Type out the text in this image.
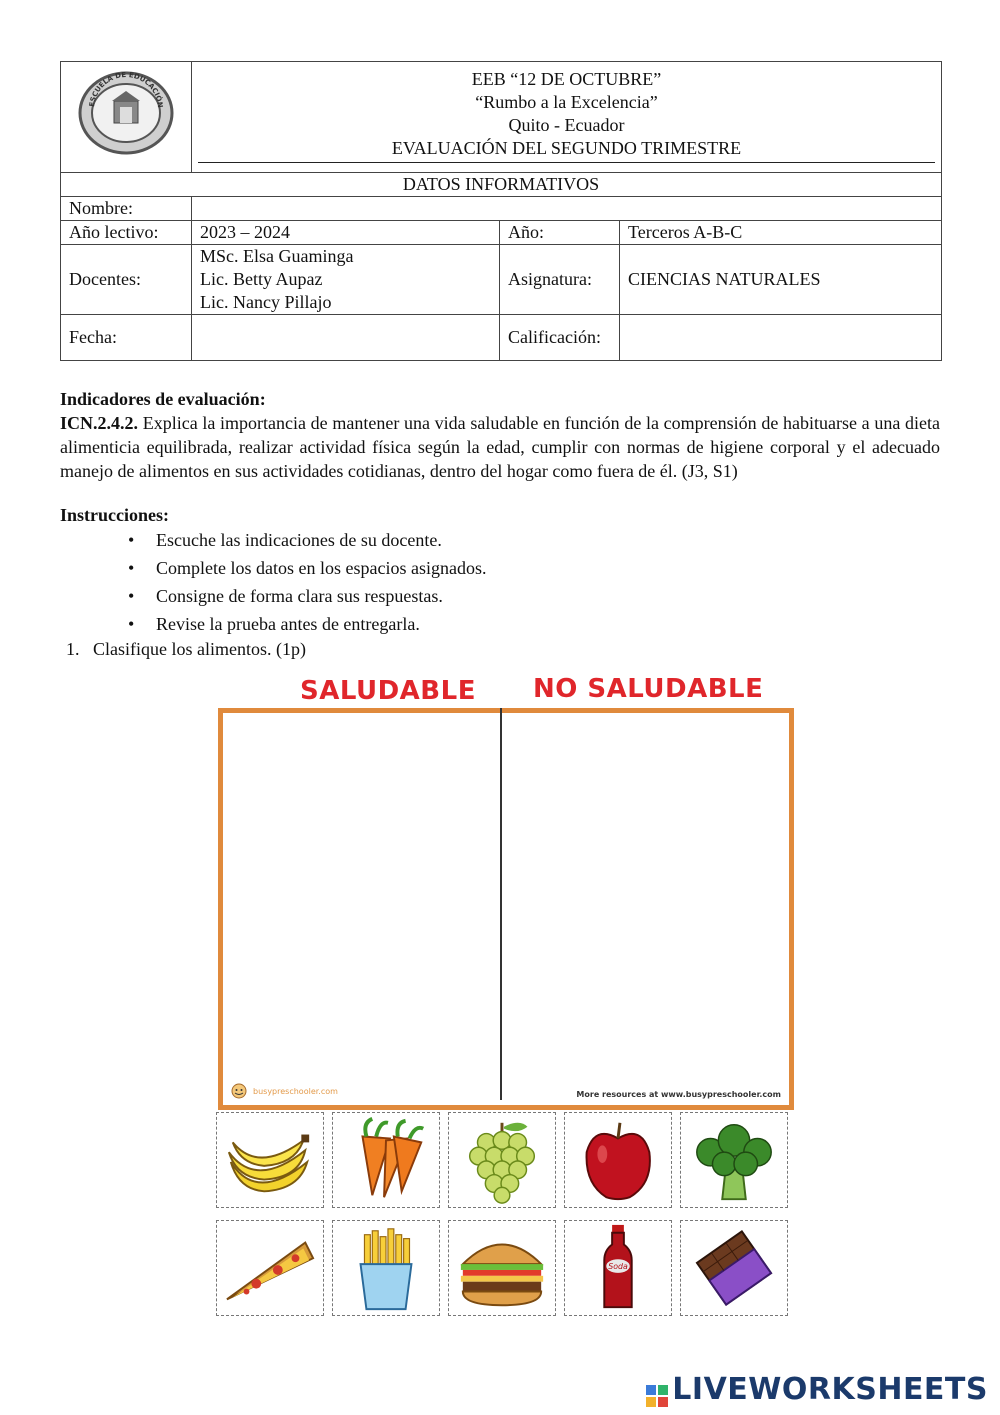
ESCUELA DE EDUCACIÓN	EEB “12 DE OCTUBRE”
“Rumbo a la Excelencia”
Quito - Ecuador
EVALUACIÓN DEL SEGUNDO TRIMESTRE		

DATOS INFORMATIVOS			
Nombre:			
Año lectivo:	2023 – 2024	Año:	Terceros A-B-C
Docentes:	MSc. Elsa Guaminga
Lic. Betty Aupaz
Lic. Nancy Pillajo	Asignatura:	CIENCIAS NATURALES
Fecha:		Calificación:	
Indicadores de evaluación:
ICN.2.4.2. Explica la importancia de mantener una vida saludable en función de la comprensión de habituarse a una dieta alimenticia equilibrada, realizar actividad física según la edad, cumplir con normas de higiene corporal y el adecuado manejo de alimentos en sus actividades cotidianas, dentro del hogar como fuera de él. (J3, S1)
Instrucciones:
• Escuche las indicaciones de su docente.
• Complete los datos en los espacios asignados.
• Consigne de forma clara sus respuestas.
• Revise la prueba antes de entregarla.
1.   Clasifique los alimentos. (1p)
SALUDABLE NO SALUDABLE
busypreschooler.com	More resources at www.busypreschooler.com
Soda
LIVEWORKSHEETS
